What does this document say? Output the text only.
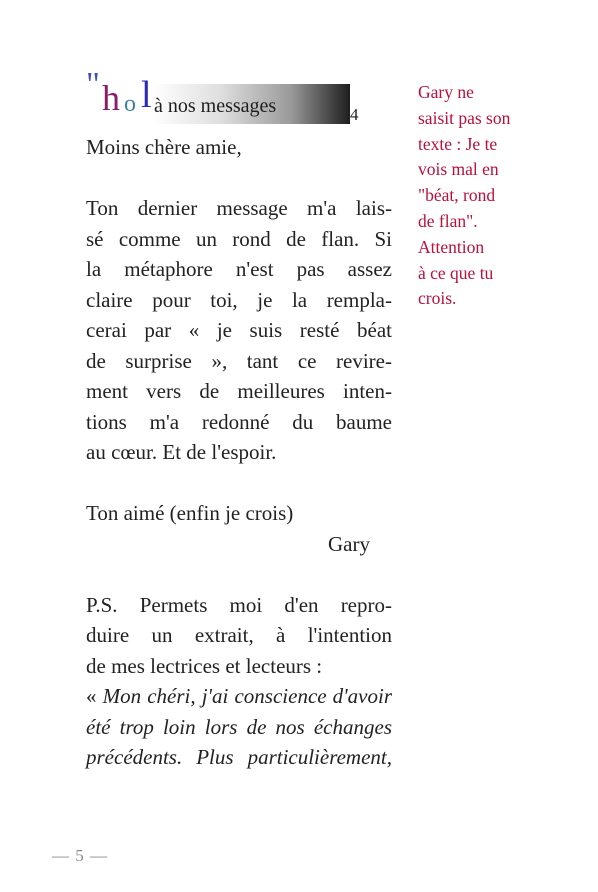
" h o l à nos messages	4
Moins chère amie,
Ton dernier message m'a lais-
sé comme un rond de flan. Si
la métaphore n'est pas assez
claire pour toi, je la rempla-
cerai par « je suis resté béat
de surprise », tant ce revire-
ment vers de meilleures inten-
tions m'a redonné du baume
au cœur. Et de l'espoir.
Ton aimé (enfin je crois)
Gary
P.S. Permets moi d'en repro-
duire un extrait, à l'intention
de mes lectrices et lecteurs :
« Mon chéri, j'ai conscience d'avoir
été trop loin lors de nos échanges
précédents. Plus particulièrement,
Gary ne
saisit pas son
texte : Je te
vois mal en
"béat, rond
de flan".
Attention
à ce que tu
crois.
— 5 —
